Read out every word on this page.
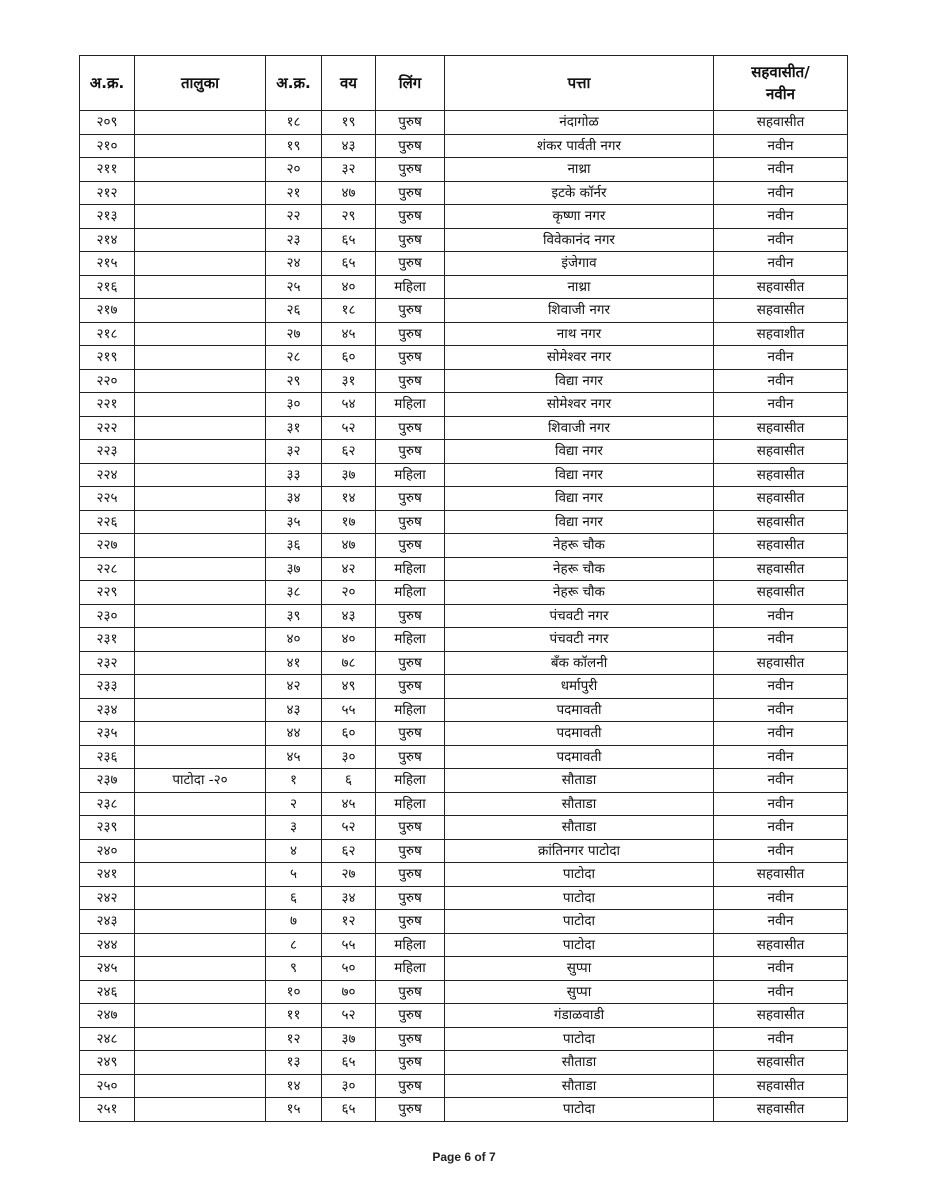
अ.क्र.	तालुका	अ.क्र.	वय	लिंग	पत्ता	सहवासीत/
नवीन
२०९		१८	१९	पुरुष	नंदागोळ	सहवासीत
२१०		१९	४३	पुरुष	शंकर पार्वती नगर	नवीन
२११		२०	३२	पुरुष	नाथ्रा	नवीन
२१२		२१	४७	पुरुष	इटके कॉर्नर	नवीन
२१३		२२	२९	पुरुष	कृष्णा नगर	नवीन
२१४		२३	६५	पुरुष	विवेकानंद नगर	नवीन
२१५		२४	६५	पुरुष	इंजेगाव	नवीन
२१६		२५	४०	महिला	नाथ्रा	सहवासीत
२१७		२६	१८	पुरुष	शिवाजी नगर	सहवासीत
२१८		२७	४५	पुरुष	नाथ नगर	सहवाशीत
२१९		२८	६०	पुरुष	सोमेश्वर नगर	नवीन
२२०		२९	३१	पुरुष	विद्या नगर	नवीन
२२१		३०	५४	महिला	सोमेश्वर नगर	नवीन
२२२		३१	५२	पुरुष	शिवाजी नगर	सहवासीत
२२३		३२	६२	पुरुष	विद्या नगर	सहवासीत
२२४		३३	३७	महिला	विद्या नगर	सहवासीत
२२५		३४	१४	पुरुष	विद्या नगर	सहवासीत
२२६		३५	१७	पुरुष	विद्या नगर	सहवासीत
२२७		३६	४७	पुरुष	नेहरू चौक	सहवासीत
२२८		३७	४२	महिला	नेहरू चौक	सहवासीत
२२९		३८	२०	महिला	नेहरू चौक	सहवासीत
२३०		३९	४३	पुरुष	पंचवटी नगर	नवीन
२३१		४०	४०	महिला	पंचवटी नगर	नवीन
२३२		४१	७८	पुरुष	बँक कॉलनी	सहवासीत
२३३		४२	४९	पुरुष	धर्मापुरी	नवीन
२३४		४३	५५	महिला	पदमावती	नवीन
२३५		४४	६०	पुरुष	पदमावती	नवीन
२३६		४५	३०	पुरुष	पदमावती	नवीन
२३७	पाटोदा -२०	१	६	महिला	सौताडा	नवीन
२३८		२	४५	महिला	सौताडा	नवीन
२३९		३	५२	पुरुष	सौताडा	नवीन
२४०		४	६२	पुरुष	क्रांतिनगर पाटोदा	नवीन
२४१		५	२७	पुरुष	पाटोदा	सहवासीत
२४२		६	३४	पुरुष	पाटोदा	नवीन
२४३		७	१२	पुरुष	पाटोदा	नवीन
२४४		८	५५	महिला	पाटोदा	सहवासीत
२४५		९	५०	महिला	सुप्पा	नवीन
२४६		१०	७०	पुरुष	सुप्पा	नवीन
२४७		११	५२	पुरुष	गंडाळवाडी	सहवासीत
२४८		१२	३७	पुरुष	पाटोदा	नवीन
२४९		१३	६५	पुरुष	सौताडा	सहवासीत
२५०		१४	३०	पुरुष	सौताडा	सहवासीत
२५१		१५	६५	पुरुष	पाटोदा	सहवासीत
Page 6 of 7
